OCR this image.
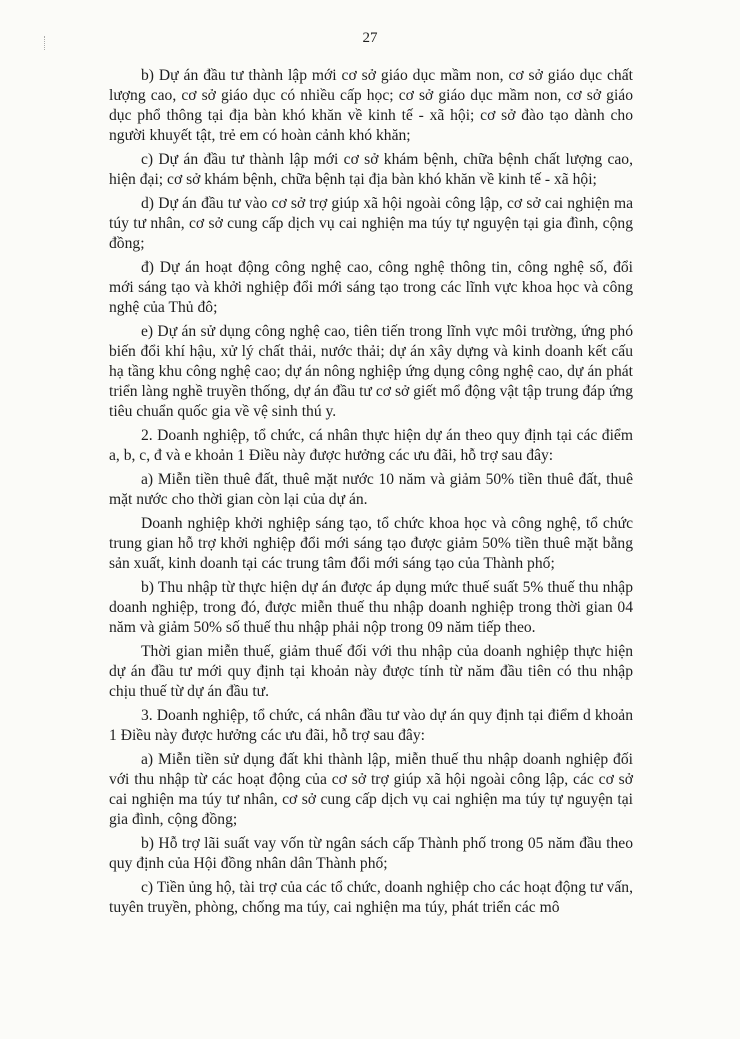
27

b) Dự án đầu tư thành lập mới cơ sở giáo dục mầm non, cơ sở giáo dục chất lượng cao, cơ sở giáo dục có nhiều cấp học; cơ sở giáo dục mầm non, cơ sở giáo dục phổ thông tại địa bàn khó khăn về kinh tế - xã hội; cơ sở đào tạo dành cho người khuyết tật, trẻ em có hoàn cảnh khó khăn;

c) Dự án đầu tư thành lập mới cơ sở khám bệnh, chữa bệnh chất lượng cao, hiện đại; cơ sở khám bệnh, chữa bệnh tại địa bàn khó khăn về kinh tế - xã hội;

d) Dự án đầu tư vào cơ sở trợ giúp xã hội ngoài công lập, cơ sở cai nghiện ma túy tư nhân, cơ sở cung cấp dịch vụ cai nghiện ma túy tự nguyện tại gia đình, cộng đồng;

đ) Dự án hoạt động công nghệ cao, công nghệ thông tin, công nghệ số, đổi mới sáng tạo và khởi nghiệp đổi mới sáng tạo trong các lĩnh vực khoa học và công nghệ của Thủ đô;

e) Dự án sử dụng công nghệ cao, tiên tiến trong lĩnh vực môi trường, ứng phó biến đổi khí hậu, xử lý chất thải, nước thải; dự án xây dựng và kinh doanh kết cấu hạ tầng khu công nghệ cao; dự án nông nghiệp ứng dụng công nghệ cao, dự án phát triển làng nghề truyền thống, dự án đầu tư cơ sở giết mổ động vật tập trung đáp ứng tiêu chuẩn quốc gia về vệ sinh thú y.

2. Doanh nghiệp, tổ chức, cá nhân thực hiện dự án theo quy định tại các điểm a, b, c, đ và e khoản 1 Điều này được hưởng các ưu đãi, hỗ trợ sau đây:

a) Miễn tiền thuê đất, thuê mặt nước 10 năm và giảm 50% tiền thuê đất, thuê mặt nước cho thời gian còn lại của dự án.

Doanh nghiệp khởi nghiệp sáng tạo, tổ chức khoa học và công nghệ, tổ chức trung gian hỗ trợ khởi nghiệp đổi mới sáng tạo được giảm 50% tiền thuê mặt bằng sản xuất, kinh doanh tại các trung tâm đổi mới sáng tạo của Thành phố;

b) Thu nhập từ thực hiện dự án được áp dụng mức thuế suất 5% thuế thu nhập doanh nghiệp, trong đó, được miễn thuế thu nhập doanh nghiệp trong thời gian 04 năm và giảm 50% số thuế thu nhập phải nộp trong 09 năm tiếp theo.

Thời gian miễn thuế, giảm thuế đối với thu nhập của doanh nghiệp thực hiện dự án đầu tư mới quy định tại khoản này được tính từ năm đầu tiên có thu nhập chịu thuế từ dự án đầu tư.

3. Doanh nghiệp, tổ chức, cá nhân đầu tư vào dự án quy định tại điểm d khoản 1 Điều này được hưởng các ưu đãi, hỗ trợ sau đây:

a) Miễn tiền sử dụng đất khi thành lập, miễn thuế thu nhập doanh nghiệp đối với thu nhập từ các hoạt động của cơ sở trợ giúp xã hội ngoài công lập, các cơ sở cai nghiện ma túy tư nhân, cơ sở cung cấp dịch vụ cai nghiện ma túy tự nguyện tại gia đình, cộng đồng;

b) Hỗ trợ lãi suất vay vốn từ ngân sách cấp Thành phố trong 05 năm đầu theo quy định của Hội đồng nhân dân Thành phố;

c) Tiền ủng hộ, tài trợ của các tổ chức, doanh nghiệp cho các hoạt động tư vấn, tuyên truyền, phòng, chống ma túy, cai nghiện ma túy, phát triển các mô
